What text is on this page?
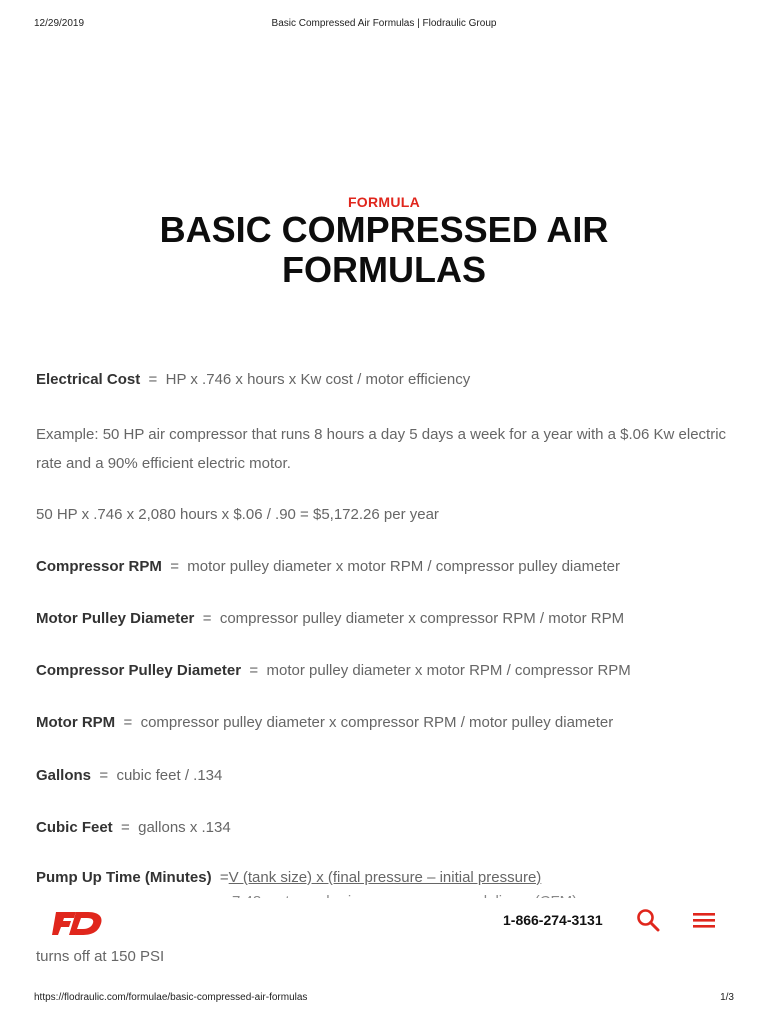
12/29/2019	Basic Compressed Air Formulas | Flodraulic Group
FORMULA
BASIC COMPRESSED AIR
FORMULAS
Electrical Cost  =  HP x .746 x hours x Kw cost / motor efficiency
Example: 50 HP air compressor that runs 8 hours a day 5 days a week for a year with a $.06 Kw electric rate and a 90% efficient electric motor.
50 HP x .746 x 2,080 hours x $.06 / .90 = $5,172.26 per year
Compressor RPM  =  motor pulley diameter x motor RPM / compressor pulley diameter
Motor Pulley Diameter  =  compressor pulley diameter x compressor RPM / motor RPM
Compressor Pulley Diameter  =  motor pulley diameter x motor RPM / compressor RPM
Motor RPM  =  compressor pulley diameter x compressor RPM / motor pulley diameter
Gallons  =  cubic feet / .134
Cubic Feet  =  gallons x .134
Pump Up Time (Minutes) =V (tank size) x (final pressure – initial pressure)
1-866-274-3131
turns off at 150 PSI
https://flodraulic.com/formulae/basic-compressed-air-formulas	1/3
